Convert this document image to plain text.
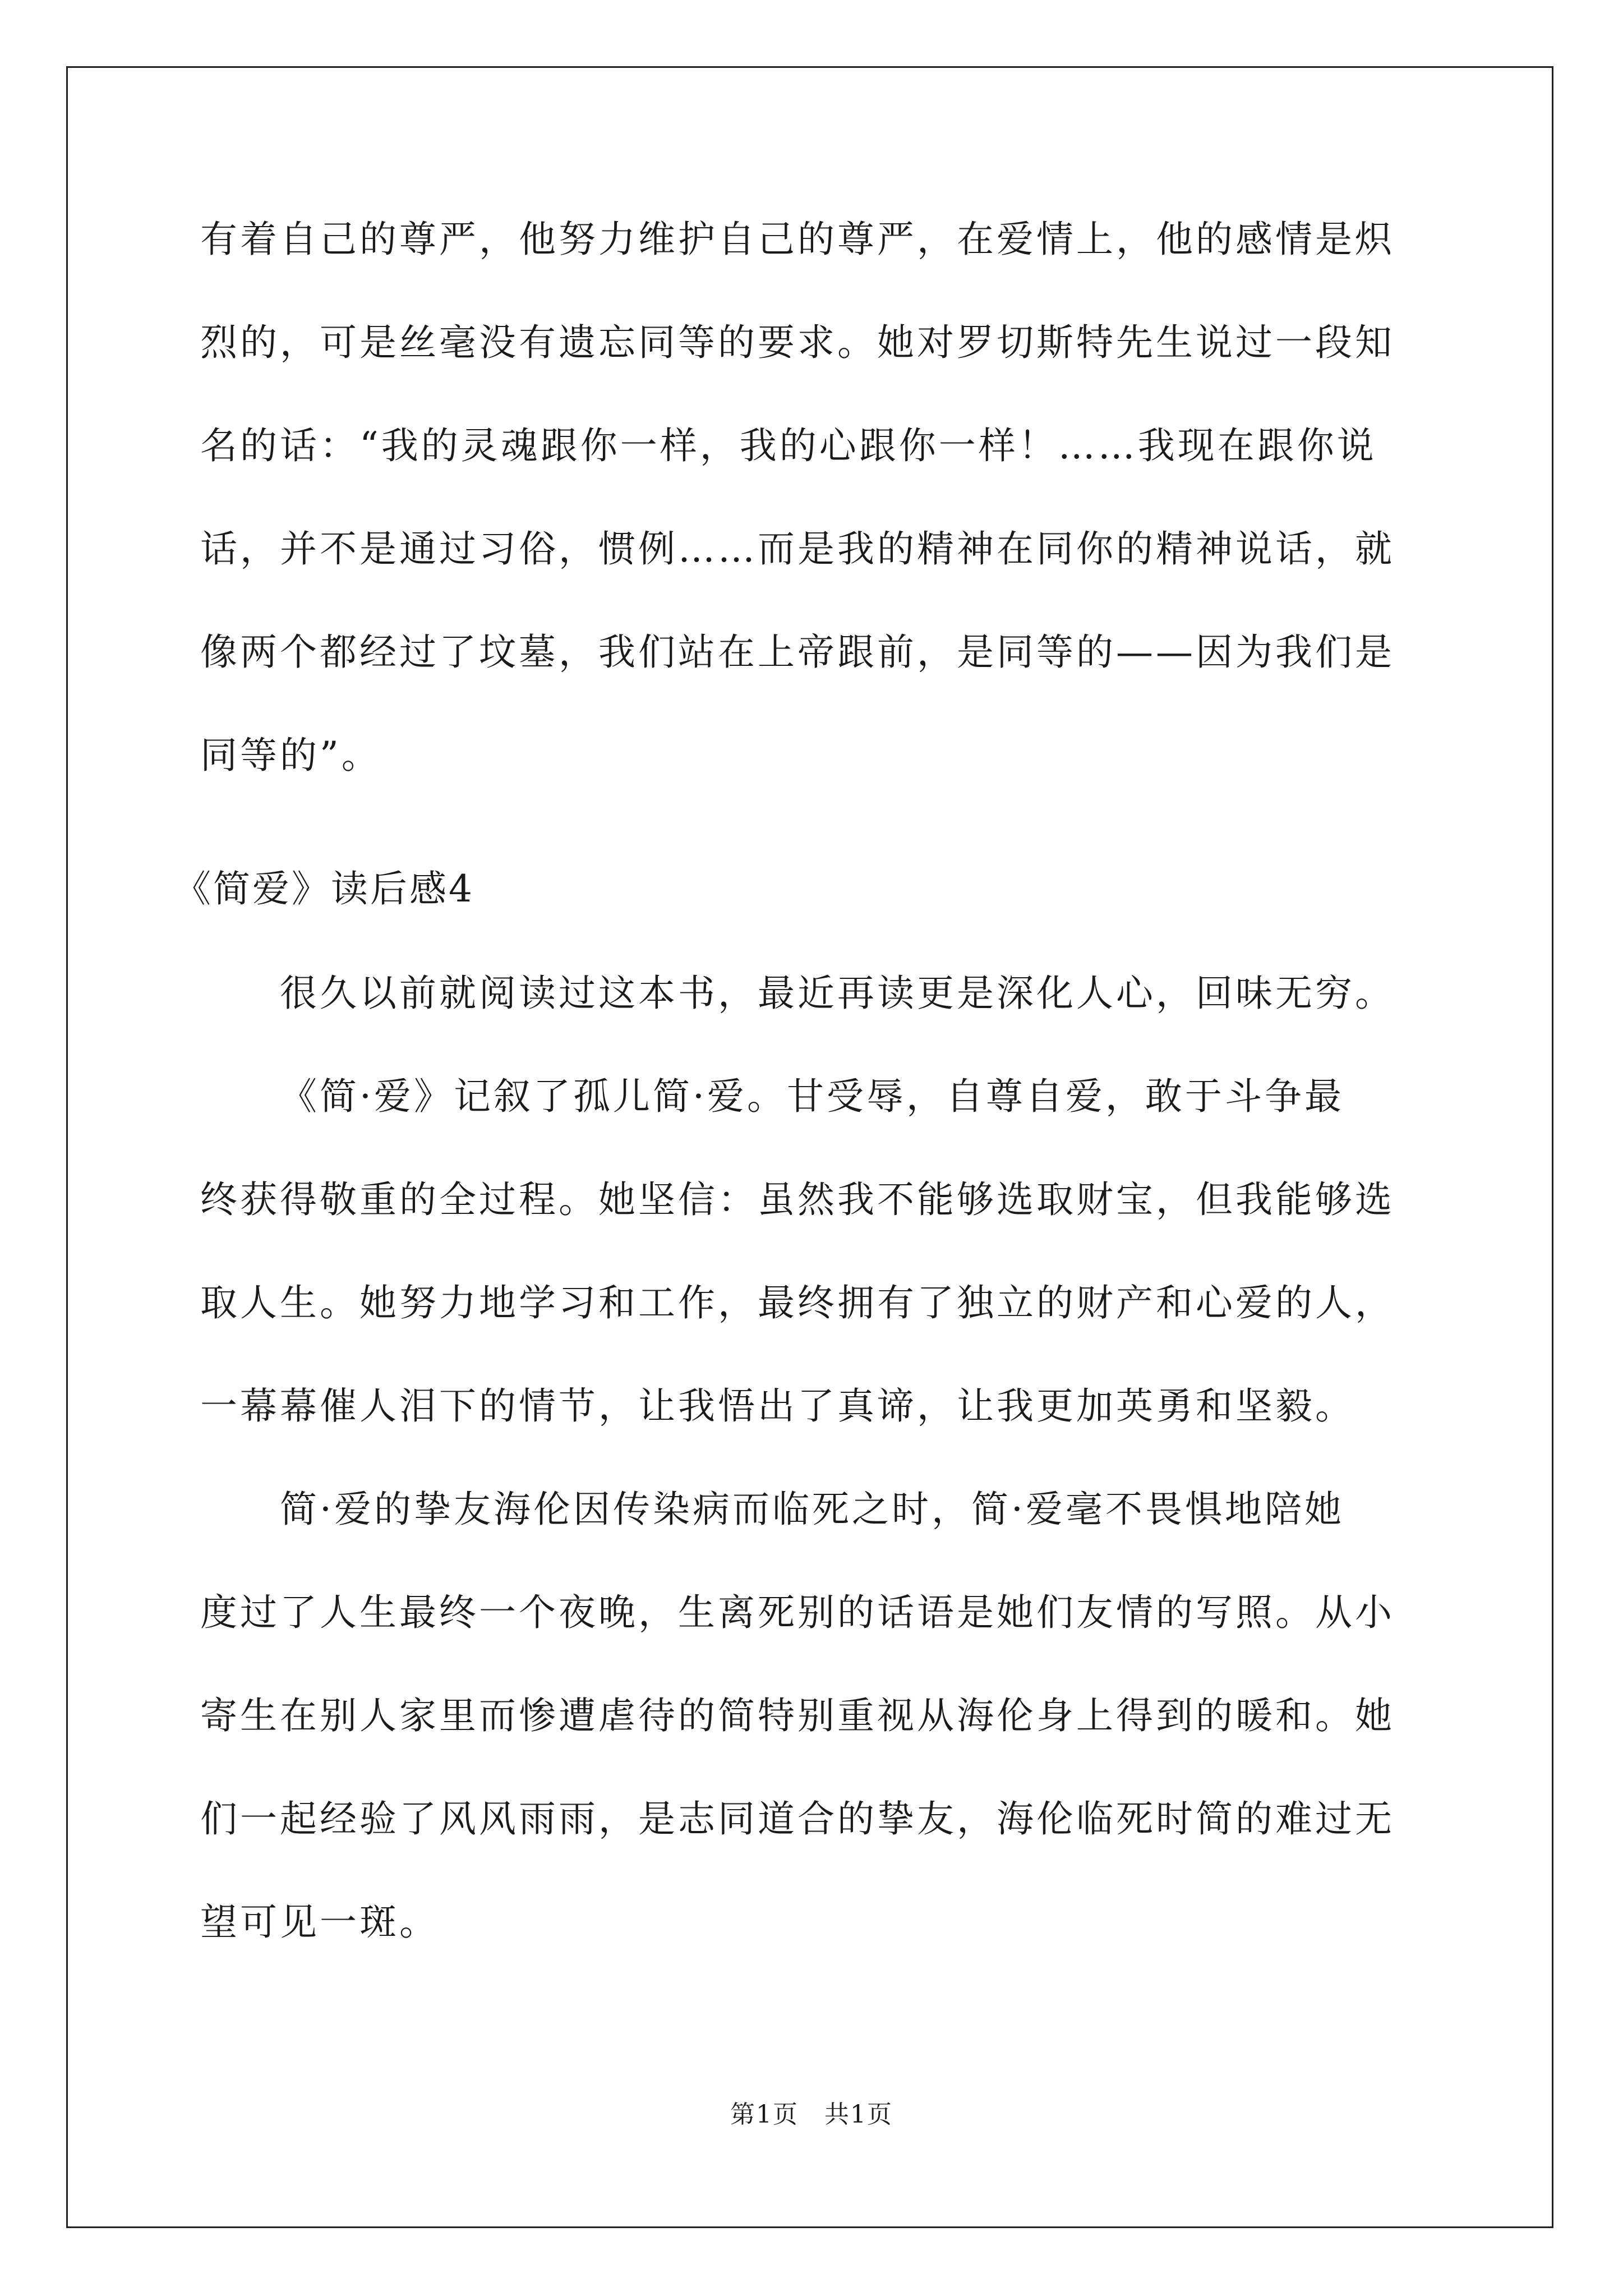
有着自己的尊严，他努力维护自己的尊严，在爱情上，他的感情是炽
烈的，可是丝毫没有遗忘同等的要求。她对罗切斯特先生说过一段知
名的话：“我的灵魂跟你一样，我的心跟你一样！……我现在跟你说
话，并不是通过习俗，惯例……而是我的精神在同你的精神说话，就
像两个都经过了坟墓，我们站在上帝跟前，是同等的——因为我们是
同等的”。
《简爱》读后感4
很久以前就阅读过这本书，最近再读更是深化人心，回味无穷。
《简·爱》记叙了孤儿简·爱。甘受辱，自尊自爱，敢于斗争最
终获得敬重的全过程。她坚信：虽然我不能够选取财宝，但我能够选
取人生。她努力地学习和工作，最终拥有了独立的财产和心爱的人，
一幕幕催人泪下的情节，让我悟出了真谛，让我更加英勇和坚毅。
简·爱的挚友海伦因传染病而临死之时，简·爱毫不畏惧地陪她
度过了人生最终一个夜晚，生离死别的话语是她们友情的写照。从小
寄生在别人家里而惨遭虐待的简特别重视从海伦身上得到的暖和。她
们一起经验了风风雨雨，是志同道合的挚友，海伦临死时简的难过无
望可见一斑。
第1页　共1页
